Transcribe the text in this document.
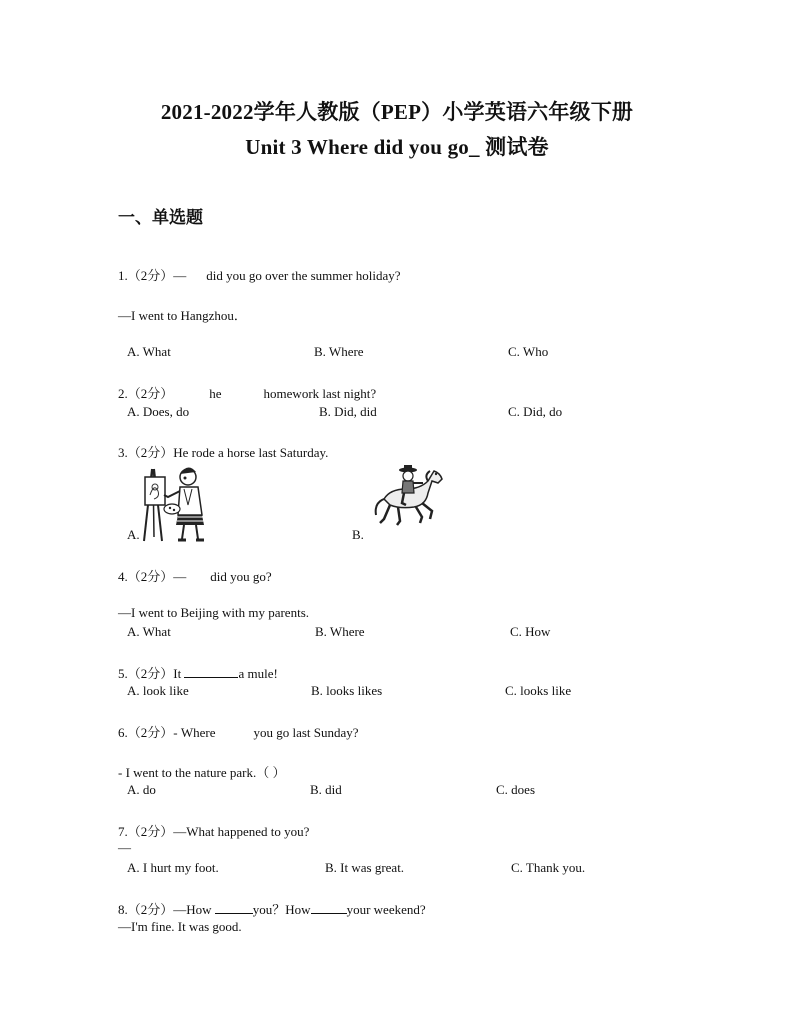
2021-2022学年人教版（PEP）小学英语六年级下册
Unit 3 Where did you go_ 测试卷
一、单选题
1.（2分）— did you go over the summer holiday?
—I went to Hangzhou．
A. What	B. Where	C. Who
2.（2分）	he	homework last night?
A. Does, do	B. Did, did	C. Did, do
3.（2分）He rode a horse last Saturday.
A.	B.
4.（2分）— did you go?
—I went to Beijing with my parents.
A. What	B. Where	C. How
5.（2分）It	a mule!
A. look like	B. looks likes	C. looks like
6.（2分）- Where	you go last Sunday?
- I went to the nature park.（ ）
A. do	B. did	C. does
7.（2分）—What happened to you?
—
A. I hurt my foot.	B. It was great.	C. Thank you.
8.（2分）—How	you？How	your weekend?
—I'm fine. It was good.
